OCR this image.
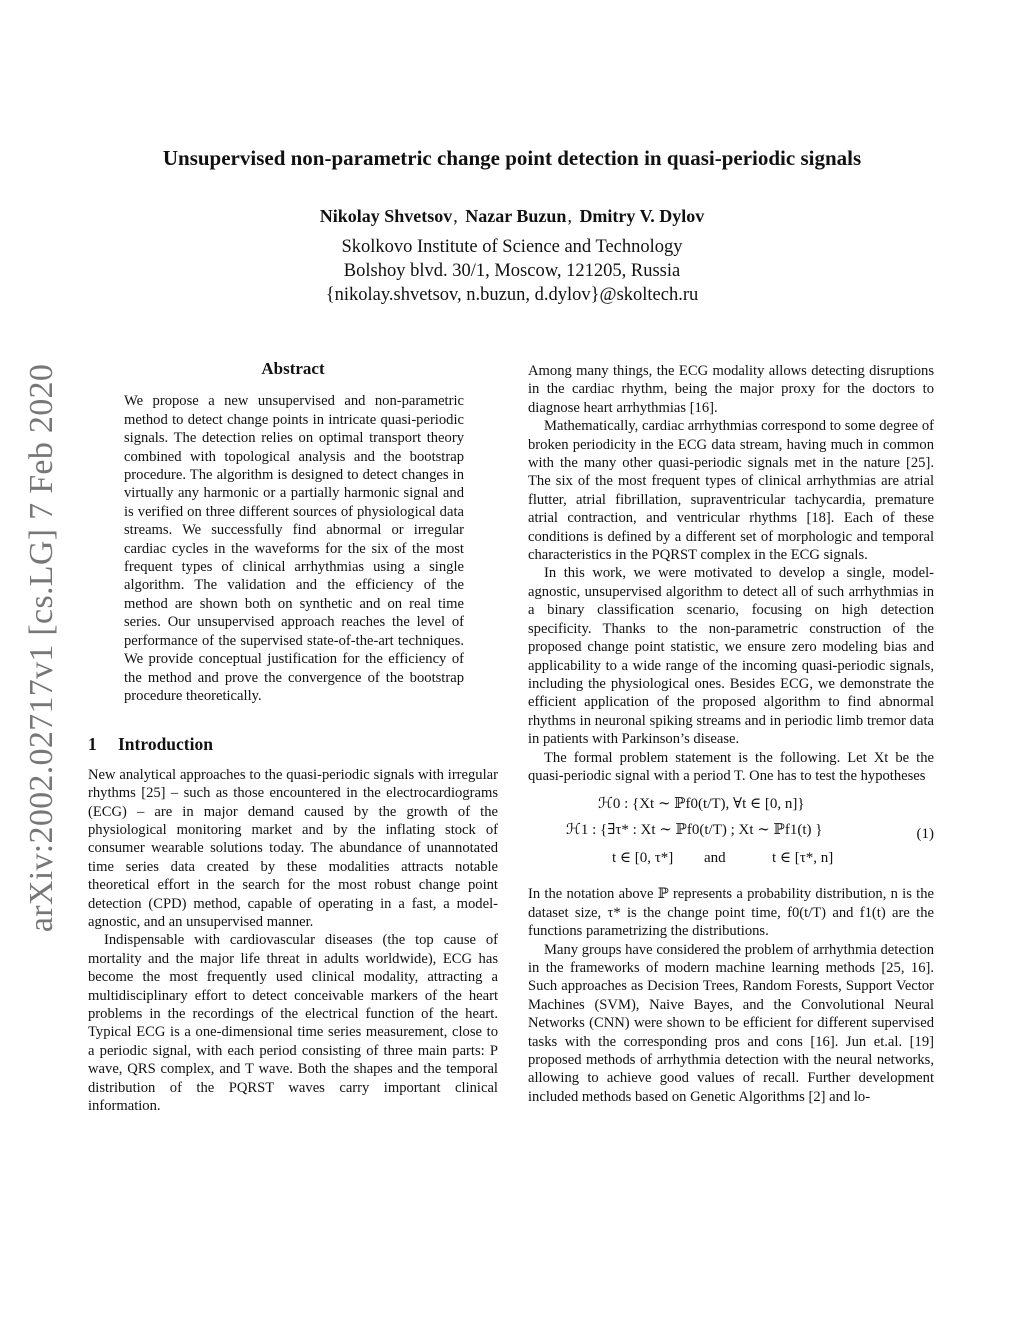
arXiv:2002.02717v1 [cs.LG] 7 Feb 2020
Unsupervised non-parametric change point detection in quasi-periodic signals
Nikolay Shvetsov, Nazar Buzun, Dmitry V. Dylov
Skolkovo Institute of Science and Technology
Bolshoy blvd. 30/1, Moscow, 121205, Russia
{nikolay.shvetsov, n.buzun, d.dylov}@skoltech.ru
Abstract

We propose a new unsupervised and non-parametric method to detect change points in intricate quasi-periodic signals. The detection relies on optimal transport theory combined with topological analysis and the bootstrap procedure. The algorithm is designed to detect changes in virtually any harmonic or a partially harmonic signal and is verified on three different sources of physiological data streams. We successfully find abnormal or irregular cardiac cycles in the waveforms for the six of the most frequent types of clinical arrhythmias using a single algorithm. The validation and the efficiency of the method are shown both on synthetic and on real time series. Our unsupervised approach reaches the level of performance of the supervised state-of-the-art techniques. We provide conceptual justification for the efficiency of the method and prove the convergence of the bootstrap procedure theoretically.

1 Introduction

New analytical approaches to the quasi-periodic signals with irregular rhythms [25] – such as those encountered in the electrocardiograms (ECG) – are in major demand caused by the growth of the physiological monitoring market and by the inflating stock of consumer wearable solutions today. The abundance of unannotated time series data created by these modalities attracts notable theoretical effort in the search for the most robust change point detection (CPD) method, capable of operating in a fast, a model-agnostic, and an unsupervised manner.

Indispensable with cardiovascular diseases (the top cause of mortality and the major life threat in adults worldwide), ECG has become the most frequently used clinical modality, attracting a multidisciplinary effort to detect conceivable markers of the heart problems in the recordings of the electrical function of the heart. Typical ECG is a one-dimensional time series measurement, close to a periodic signal, with each period consisting of three main parts: P wave, QRS complex, and T wave. Both the shapes and the temporal distribution of the PQRST waves carry important clinical information.

Among many things, the ECG modality allows detecting disruptions in the cardiac rhythm, being the major proxy for the doctors to diagnose heart arrhythmias [16].

Mathematically, cardiac arrhythmias correspond to some degree of broken periodicity in the ECG data stream, having much in common with the many other quasi-periodic signals met in the nature [25]. The six of the most frequent types of clinical arrhythmias are atrial flutter, atrial fibrillation, supraventricular tachycardia, premature atrial contraction, and ventricular rhythms [18]. Each of these conditions is defined by a different set of morphologic and temporal characteristics in the PQRST complex in the ECG signals.

In this work, we were motivated to develop a single, model-agnostic, unsupervised algorithm to detect all of such arrhythmias in a binary classification scenario, focusing on high detection specificity. Thanks to the non-parametric construction of the proposed change point statistic, we ensure zero modeling bias and applicability to a wide range of the incoming quasi-periodic signals, including the physiological ones. Besides ECG, we demonstrate the efficient application of the proposed algorithm to find abnormal rhythms in neuronal spiking streams and in periodic limb tremor data in patients with Parkinson’s disease.

The formal problem statement is the following. Let Xt be the quasi-periodic signal with a period T. One has to test the hypotheses

ℋ0 : {Xt ∼ ℙf0(t/T), ∀t ∈ [0, n]}
ℋ1 : {∃τ* : Xt ∼ ℙf0(t/T) ; Xt ∼ ℙf1(t) }
t ∈ [0, τ*] and	t ∈ [τ*, n]
(1)

In the notation above ℙ represents a probability distribution, n is the dataset size, τ* is the change point time, f0(t/T) and f1(t) are the functions parametrizing the distributions.

Many groups have considered the problem of arrhythmia detection in the frameworks of modern machine learning methods [25, 16]. Such approaches as Decision Trees, Random Forests, Support Vector Machines (SVM), Naive Bayes, and the Convolutional Neural Networks (CNN) were shown to be efficient for different supervised tasks with the corresponding pros and cons [16]. Jun et.al. [19] proposed methods of arrhythmia detection with the neural networks, allowing to achieve good values of recall. Further development included methods based on Genetic Algorithms [2] and lo-
